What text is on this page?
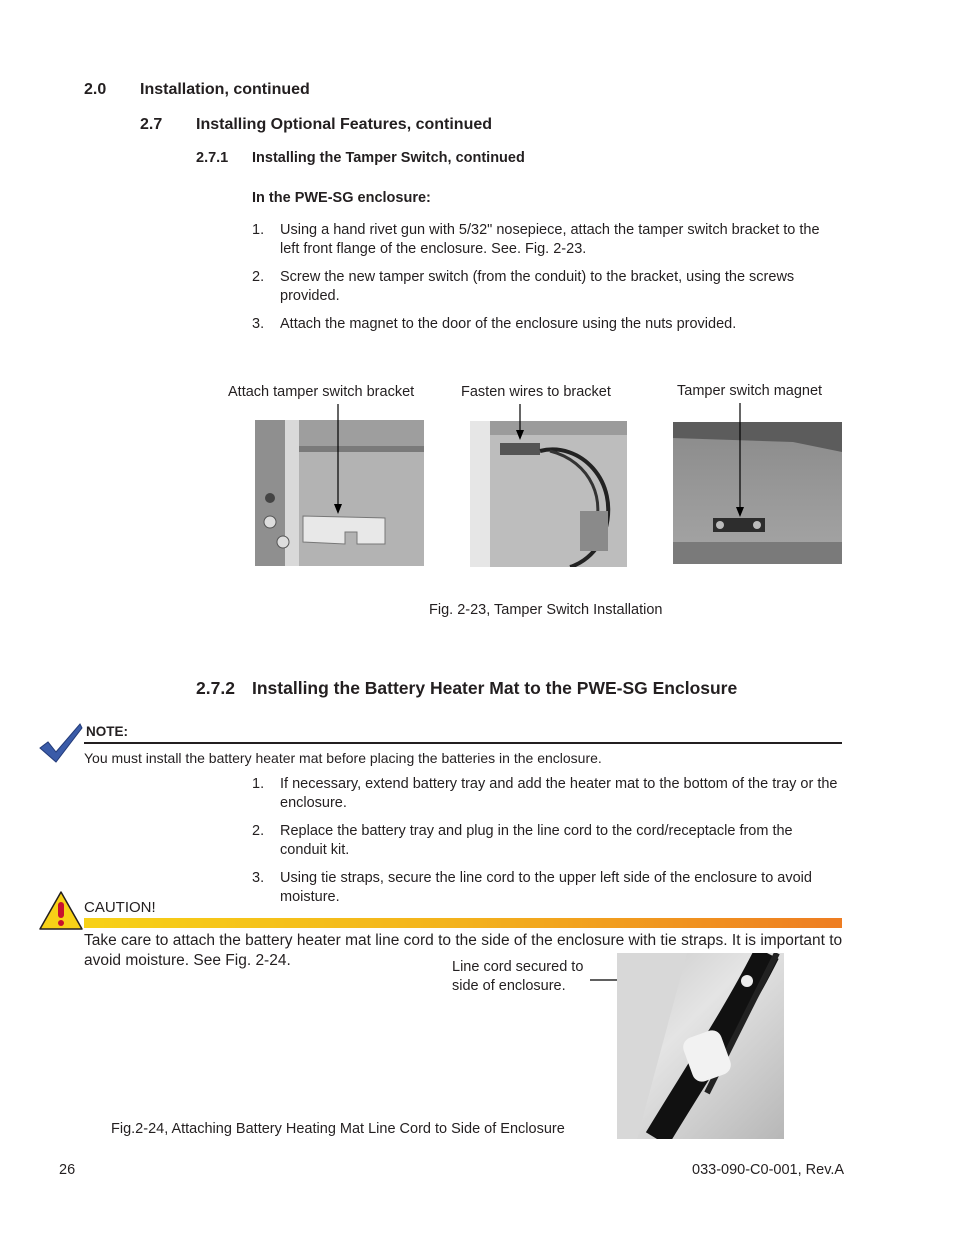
2.0 Installation, continued
2.7 Installing Optional Features, continued
2.7.1 Installing the Tamper Switch, continued
In the PWE-SG enclosure:
1. Using a hand rivet gun with 5/32" nosepiece, attach the tamper switch bracket to the left front flange of the enclosure. See. Fig. 2-23.
2. Screw the new tamper switch (from the conduit) to the bracket, using the screws provided.
3. Attach the magnet to the door of the enclosure using the nuts provided.
Attach tamper switch bracket	Fasten wires to bracket	Tamper switch magnet
Fig. 2-23, Tamper Switch Installation
2.7.2 Installing the Battery Heater Mat to the PWE-SG Enclosure
NOTE:
You must install the battery heater mat before placing the batteries in the enclosure.
1. If necessary, extend battery tray and add the heater mat to the bottom of the tray or the enclosure.
2. Replace the battery tray and plug in the line cord to the cord/receptacle from the conduit kit.
3. Using tie straps, secure the line cord to the upper left side of the enclosure to avoid moisture.
CAUTION!
Take care to attach the battery heater mat line cord to the side of the enclosure with tie straps. It is important to avoid moisture. See Fig. 2-24.	Line cord secured to
side of enclosure.
Fig.2-24, Attaching Battery Heating Mat Line Cord to Side of Enclosure
26	033-090-C0-001, Rev.A
